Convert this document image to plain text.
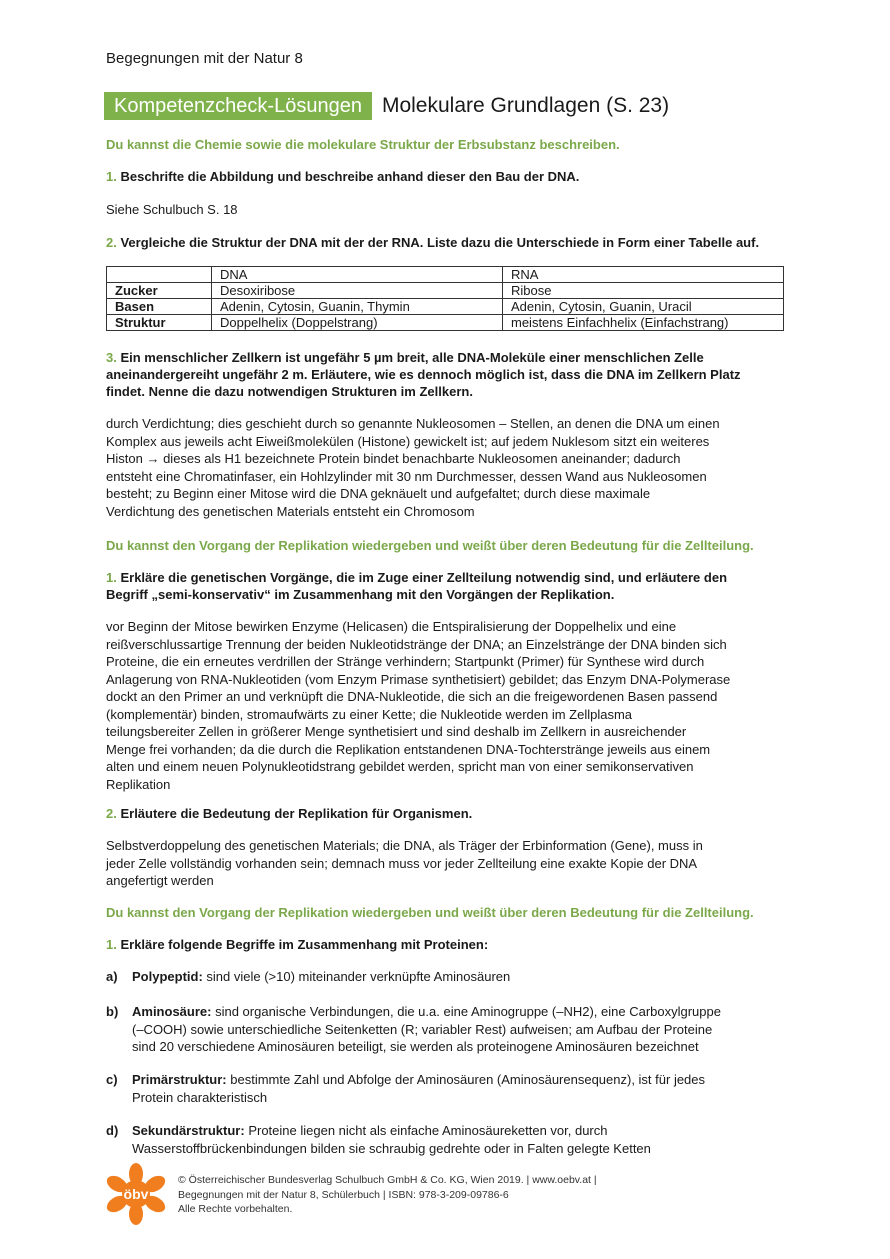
Begegnungen mit der Natur 8
Kompetenzcheck-Lösungen Molekulare Grundlagen (S. 23)
Du kannst die Chemie sowie die molekulare Struktur der Erbsubstanz beschreiben.
1. Beschrifte die Abbildung und beschreibe anhand dieser den Bau der DNA.
Siehe Schulbuch S. 18
2. Vergleiche die Struktur der DNA mit der der RNA. Liste dazu die Unterschiede in Form einer Tabelle auf.
	DNA	RNA
Zucker	Desoxiribose	Ribose
Basen	Adenin, Cytosin, Guanin, Thymin	Adenin, Cytosin, Guanin, Uracil
Struktur	Doppelhelix (Doppelstrang)	meistens Einfachhelix (Einfachstrang)
3. Ein menschlicher Zellkern ist ungefähr 5 µm breit, alle DNA-Moleküle einer menschlichen Zelle
aneinandergereiht ungefähr 2 m. Erläutere, wie es dennoch möglich ist, dass die DNA im Zellkern Platz
findet. Nenne die dazu notwendigen Strukturen im Zellkern.
durch Verdichtung; dies geschieht durch so genannte Nukleosomen – Stellen, an denen die DNA um einen
Komplex aus jeweils acht Eiweißmolekülen (Histone) gewickelt ist; auf jedem Nuklesom sitzt ein weiteres
Histon → dieses als H1 bezeichnete Protein bindet benachbarte Nukleosomen aneinander; dadurch
entsteht eine Chromatinfaser, ein Hohlzylinder mit 30 nm Durchmesser, dessen Wand aus Nukleosomen
besteht; zu Beginn einer Mitose wird die DNA geknäuelt und aufgefaltet; durch diese maximale
Verdichtung des genetischen Materials entsteht ein Chromosom
Du kannst den Vorgang der Replikation wiedergeben und weißt über deren Bedeutung für die Zellteilung.
1. Erkläre die genetischen Vorgänge, die im Zuge einer Zellteilung notwendig sind, und erläutere den
Begriff „semi-konservativ“ im Zusammenhang mit den Vorgängen der Replikation.
vor Beginn der Mitose bewirken Enzyme (Helicasen) die Entspiralisierung der Doppelhelix und eine
reißverschlussartige Trennung der beiden Nukleotidstränge der DNA; an Einzelstränge der DNA binden sich
Proteine, die ein erneutes verdrillen der Stränge verhindern; Startpunkt (Primer) für Synthese wird durch
Anlagerung von RNA-Nukleotiden (vom Enzym Primase synthetisiert) gebildet; das Enzym DNA-Polymerase
dockt an den Primer an und verknüpft die DNA-Nukleotide, die sich an die freigewordenen Basen passend
(komplementär) binden, stromaufwärts zu einer Kette; die Nukleotide werden im Zellplasma
teilungsbereiter Zellen in größerer Menge synthetisiert und sind deshalb im Zellkern in ausreichender
Menge frei vorhanden; da die durch die Replikation entstandenen DNA-Tochterstränge jeweils aus einem
alten und einem neuen Polynukleotidstrang gebildet werden, spricht man von einer semikonservativen
Replikation
2. Erläutere die Bedeutung der Replikation für Organismen.
Selbstverdoppelung des genetischen Materials; die DNA, als Träger der Erbinformation (Gene), muss in
jeder Zelle vollständig vorhanden sein; demnach muss vor jeder Zellteilung eine exakte Kopie der DNA
angefertigt werden
Du kannst den Vorgang der Replikation wiedergeben und weißt über deren Bedeutung für die Zellteilung.
1. Erkläre folgende Begriffe im Zusammenhang mit Proteinen:
a)	Polypeptid: sind viele (>10) miteinander verknüpfte Aminosäuren
b)	Aminosäure: sind organische Verbindungen, die u.a. eine Aminogruppe (–NH2), eine Carboxylgruppe
(–COOH) sowie unterschiedliche Seitenketten (R; variabler Rest) aufweisen; am Aufbau der Proteine
sind 20 verschiedene Aminosäuren beteiligt, sie werden als proteinogene Aminosäuren bezeichnet
c)	Primärstruktur: bestimmte Zahl und Abfolge der Aminosäuren (Aminosäurensequenz), ist für jedes
Protein charakteristisch
d)	Sekundärstruktur: Proteine liegen nicht als einfache Aminosäureketten vor, durch
Wasserstoffbrückenbindungen bilden sie schraubig gedrehte oder in Falten gelegte Ketten
öbv
© Österreichischer Bundesverlag Schulbuch GmbH & Co. KG, Wien 2019. | www.oebv.at |
Begegnungen mit der Natur 8, Schülerbuch | ISBN: 978-3-209-09786-6
Alle Rechte vorbehalten.
